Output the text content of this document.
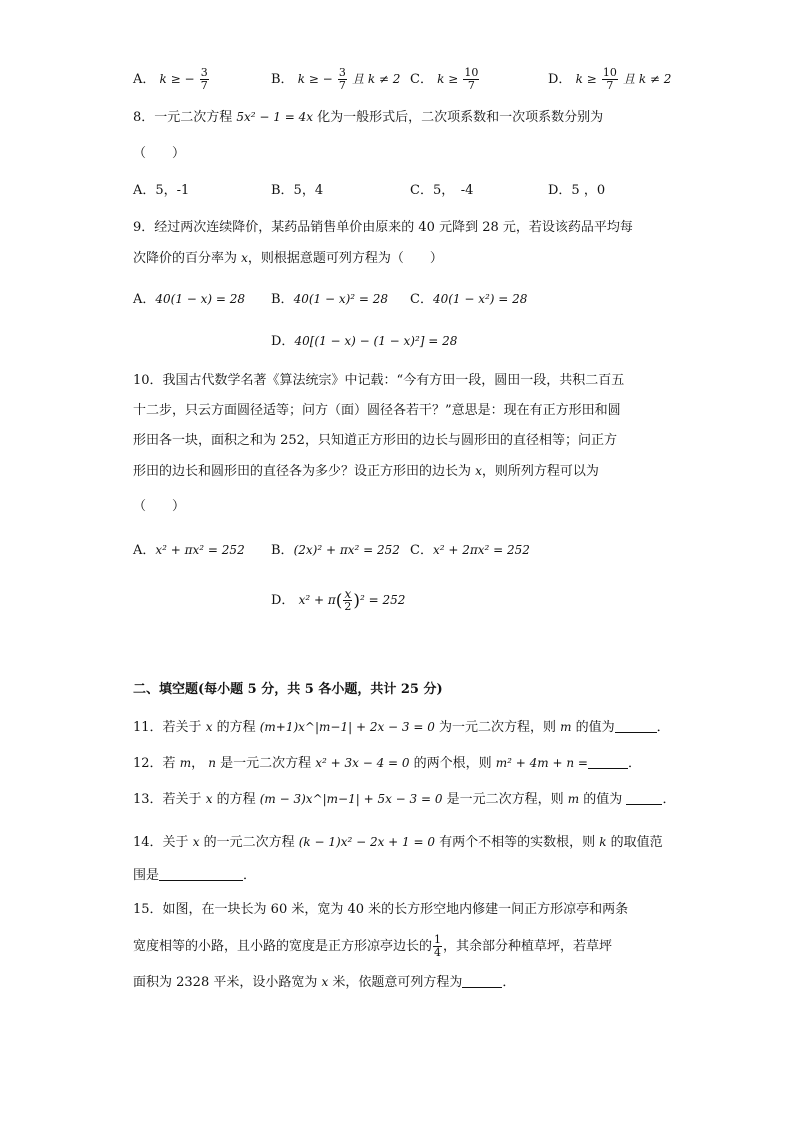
A． k ≥ − $\frac{3}{7}$	B． k ≥ − $\frac{3}{7}$ 且 k ≠ 2 C． $k \ge \frac{10}{7}$	D． $k \ge \frac{10}{7}$ 且 k ≠ 2
8．一元二次方程 5x² − 1 = 4x 化为一般形式后，二次项系数和一次项系数分别为
（　　）
A．5，-1	B．5，4	C．5，　-4	D．5 ，0
9．经过两次连续降价，某药品销售单价由原来的 40 元降到 28 元，若设该药品平均每
次降价的百分率为 x，则根据意题可列方程为（　　）
A．40(1 − x) = 28 B．40(1 − x)² = 28 C．40(1 − x²) = 28
D．40[(1 − x) − (1 − x)²] = 28
10．我国古代数学名著《算法统宗》中记载：“今有方田一段，圆田一段，共积二百五
十二步，只云方面圆径适等；问方（面）圆径各若干？”意思是：现在有正方形田和圆
形田各一块，面积之和为 252，只知道正方形田的边长与圆形田的直径相等；问正方
形田的边长和圆形田的直径各为多少？设正方形田的边长为 x，则所列方程可以为
（　　）
A．x² + πx² = 252 B．(2x)² + πx² = 252 C．x² + 2πx² = 252
D． $x^2 + \pi( \frac{x}{2} )^2 = 252$
二、填空题(每小题 5 分，共 5 各小题，共计 25 分)
11．若关于 x 的方程 (m+1)x^|m−1| + 2x − 3 = 0 为一元二次方程，则 m 的值为	．
12．若 m， n 是一元二次方程 x² + 3x − 4 = 0 的两个根，则 m² + 4m + n =	．
13．若关于 x 的方程 (m − 3)x^|m−1| + 5x − 3 = 0 是一元二次方程，则 m 的值为	．
14．关于 x 的一元二次方程 (k − 1)x² − 2x + 1 = 0 有两个不相等的实数根，则 k 的取值范
围是	．
15．如图，在一块长为 60 米，宽为 40 米的长方形空地内修建一间正方形凉亭和两条
宽度相等的小路，且小路的宽度是正方形凉亭边长的 $\frac{1}{4}$ ，其余部分种植草坪，若草坪
面积为 2328 平米，设小路宽为 x 米，依题意可列方程为	．
